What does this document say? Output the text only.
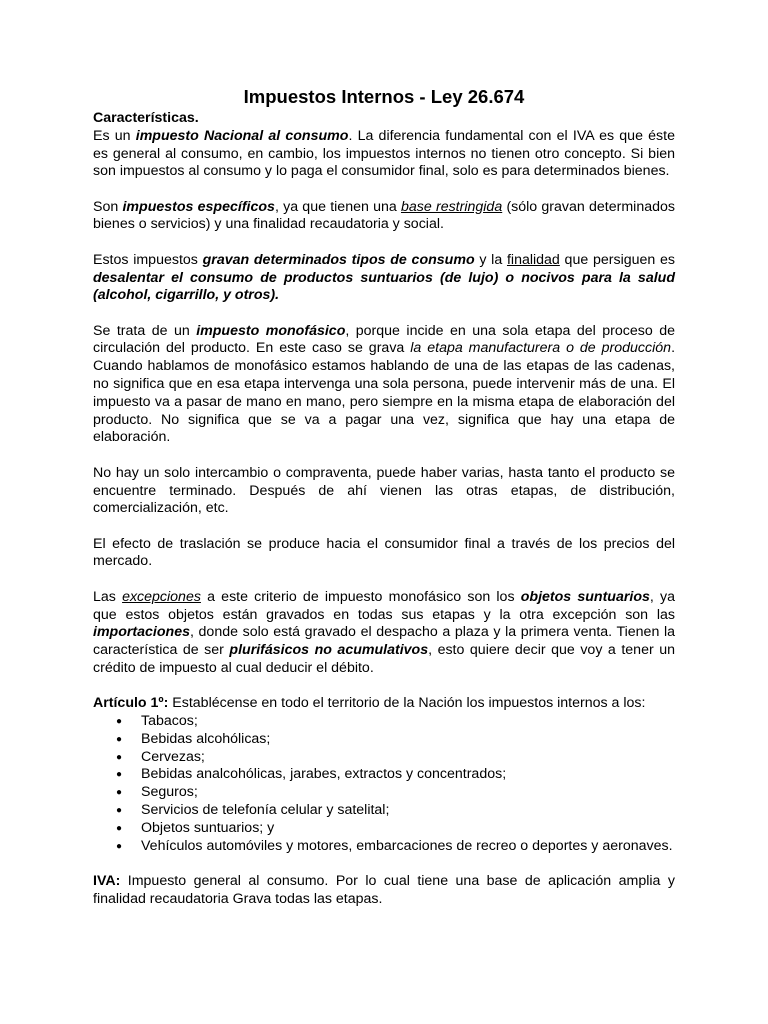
Impuestos Internos - Ley 26.674

Características.

Es un impuesto Nacional al consumo. La diferencia fundamental con el IVA es que éste es general al consumo, en cambio, los impuestos internos no tienen otro concepto. Si bien son impuestos al consumo y lo paga el consumidor final, solo es para determinados bienes.

Son impuestos específicos, ya que tienen una base restringida (sólo gravan determinados bienes o servicios) y una finalidad recaudatoria y social.

Estos impuestos gravan determinados tipos de consumo y la finalidad que persiguen es desalentar el consumo de productos suntuarios (de lujo) o nocivos para la salud (alcohol, cigarrillo, y otros).

Se trata de un impuesto monofásico, porque incide en una sola etapa del proceso de circulación del producto. En este caso se grava la etapa manufacturera o de producción. Cuando hablamos de monofásico estamos hablando de una de las etapas de las cadenas, no significa que en esa etapa intervenga una sola persona, puede intervenir más de una. El impuesto va a pasar de mano en mano, pero siempre en la misma etapa de elaboración del producto. No significa que se va a pagar una vez, significa que hay una etapa de elaboración.

No hay un solo intercambio o compraventa, puede haber varias, hasta tanto el producto se encuentre terminado. Después de ahí vienen las otras etapas, de distribución, comercialización, etc.

El efecto de traslación se produce hacia el consumidor final a través de los precios del mercado.

Las excepciones a este criterio de impuesto monofásico son los objetos suntuarios, ya que estos objetos están gravados en todas sus etapas y la otra excepción son las importaciones, donde solo está gravado el despacho a plaza y la primera venta. Tienen la característica de ser plurifásicos no acumulativos, esto quiere decir que voy a tener un crédito de impuesto al cual deducir el débito.

Artículo 1º: Establécense en todo el territorio de la Nación los impuestos internos a los:

● Tabacos;
● Bebidas alcohólicas;
● Cervezas;
● Bebidas analcohólicas, jarabes, extractos y concentrados;
● Seguros;
● Servicios de telefonía celular y satelital;
● Objetos suntuarios; y
● Vehículos automóviles y motores, embarcaciones de recreo o deportes y aeronaves.

IVA: Impuesto general al consumo. Por lo cual tiene una base de aplicación amplia y finalidad recaudatoria Grava todas las etapas.
